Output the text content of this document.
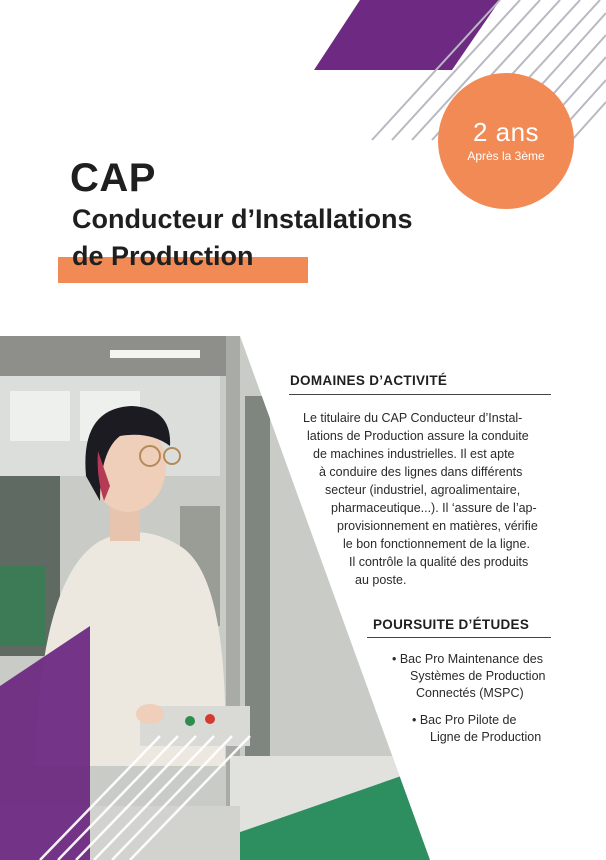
2 ans
Après la 3ème
CAP
Conducteur d’Installations
de Production
DOMAINES D’ACTIVITÉ
Le titulaire du CAP Conducteur d’Instal-
lations de Production assure la conduite
de machines industrielles. Il est apte
à conduire des lignes dans différents
secteur (industriel, agroalimentaire,
pharmaceutique...). Il ‘assure de l’ap-
provisionnement en matières, vérifie
le bon fonctionnement de la ligne.
Il contrôle la qualité des produits
au poste.
POURSUITE D’ÉTUDES
• Bac Pro Maintenance des
Systèmes de Production
Connectés (MSPC)
• Bac Pro Pilote de
Ligne de Production
